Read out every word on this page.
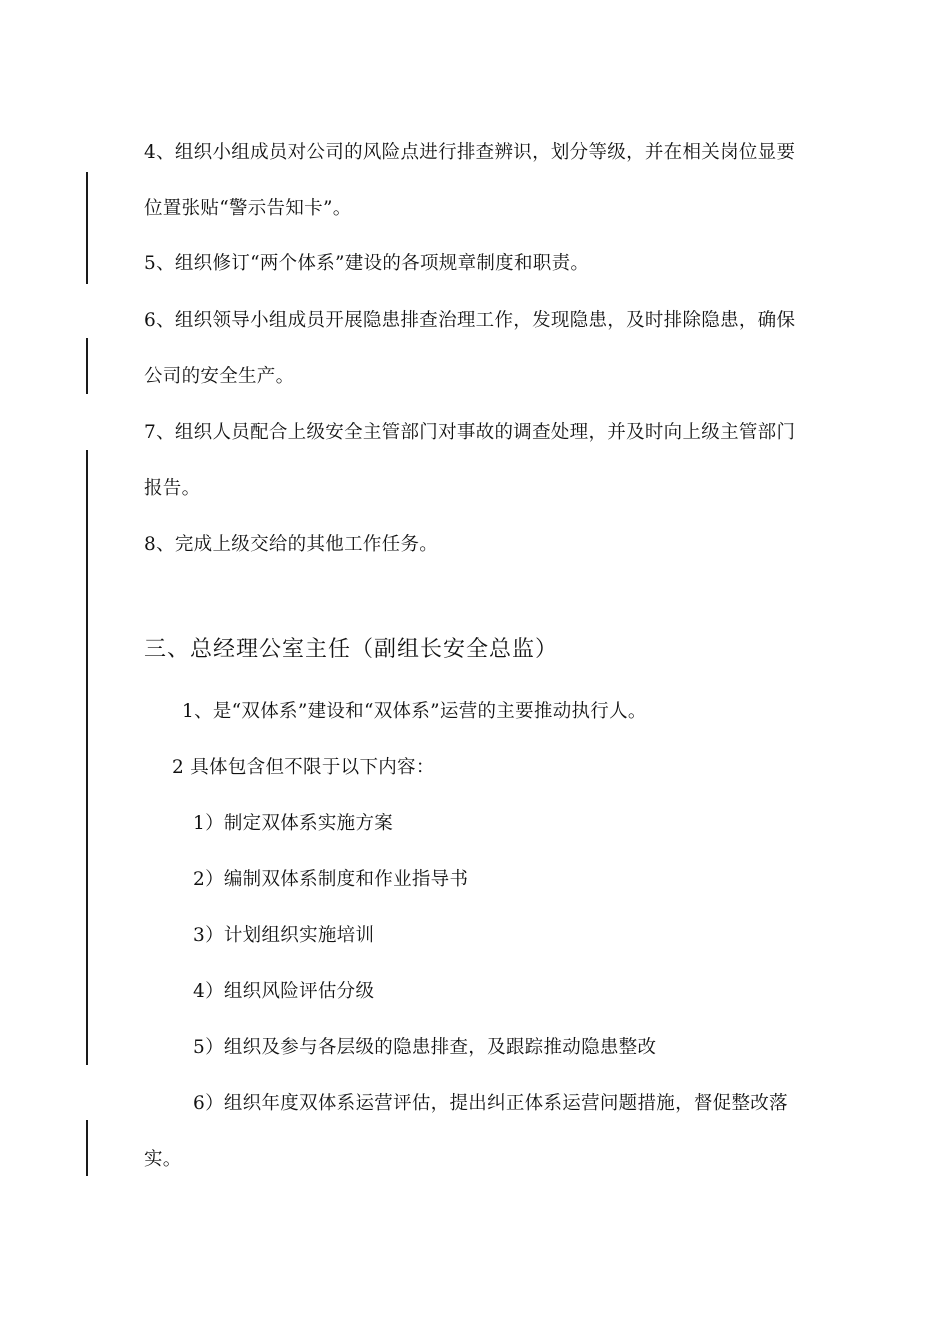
4、组织小组成员对公司的风险点进行排查辨识，划分等级，并在相关岗位显要
位置张贴“警示告知卡”。
5、组织修订“两个体系”建设的各项规章制度和职责。
6、组织领导小组成员开展隐患排查治理工作，发现隐患，及时排除隐患，确保
公司的安全生产。
7、组织人员配合上级安全主管部门对事故的调查处理，并及时向上级主管部门
报告。
8、完成上级交给的其他工作任务。
三、总经理公室主任（副组长安全总监）
1、是“双体系”建设和“双体系”运营的主要推动执行人。
2 具体包含但不限于以下内容：
1）制定双体系实施方案
2）编制双体系制度和作业指导书
3）计划组织实施培训
4）组织风险评估分级
5）组织及参与各层级的隐患排查，及跟踪推动隐患整改
6）组织年度双体系运营评估，提出纠正体系运营问题措施，督促整改落
实。
